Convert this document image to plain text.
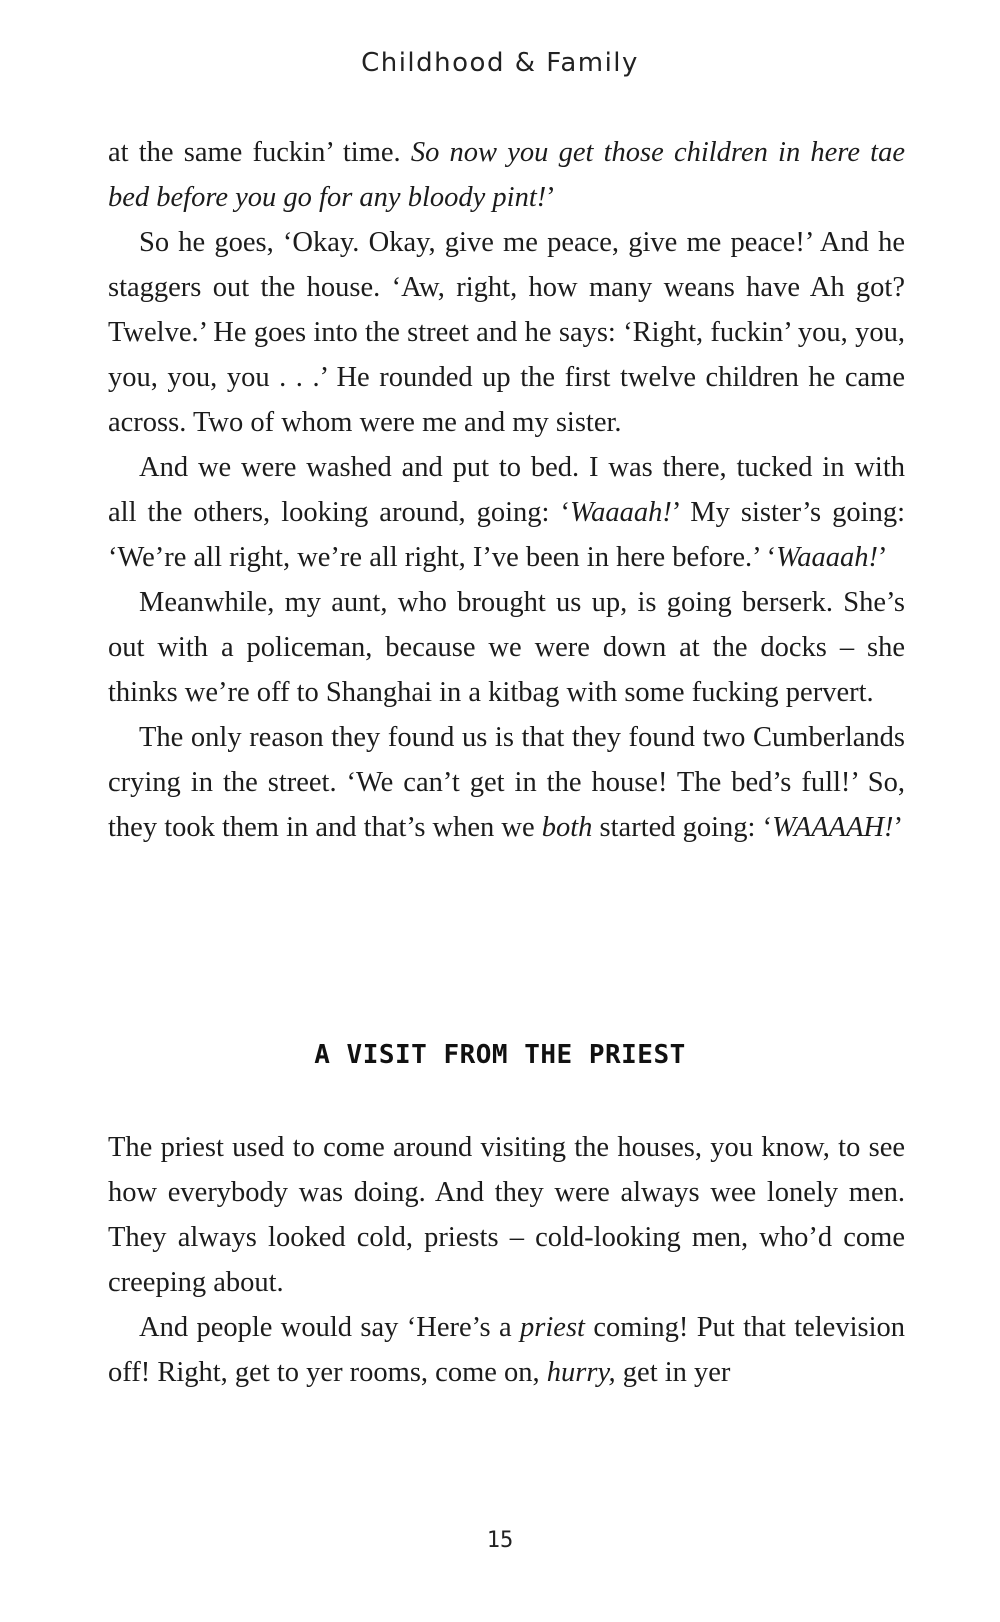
Childhood & Family

at the same fuckin’ time. So now you get those children in here tae bed before you go for any bloody pint!’

So he goes, ‘Okay. Okay, give me peace, give me peace!’ And he staggers out the house. ‘Aw, right, how many weans have Ah got? Twelve.’ He goes into the street and he says: ‘Right, fuckin’ you, you, you, you, you . . .’ He rounded up the first twelve children he came across. Two of whom were me and my sister.

And we were washed and put to bed. I was there, tucked in with all the others, looking around, going: ‘Waaaah!’ My sister’s going: ‘We’re all right, we’re all right, I’ve been in here before.’ ‘Waaaah!’

Meanwhile, my aunt, who brought us up, is going berserk. She’s out with a policeman, because we were down at the docks – she thinks we’re off to Shanghai in a kitbag with some fucking pervert.

The only reason they found us is that they found two Cumberlands crying in the street. ‘We can’t get in the house! The bed’s full!’ So, they took them in and that’s when we both started going: ‘WAAAAH!’

A VISIT FROM THE PRIEST

The priest used to come around visiting the houses, you know, to see how everybody was doing. And they were always wee lonely men. They always looked cold, priests – cold-looking men, who’d come creeping about.

And people would say ‘Here’s a priest coming! Put that television off! Right, get to yer rooms, come on, hurry, get in yer

15
